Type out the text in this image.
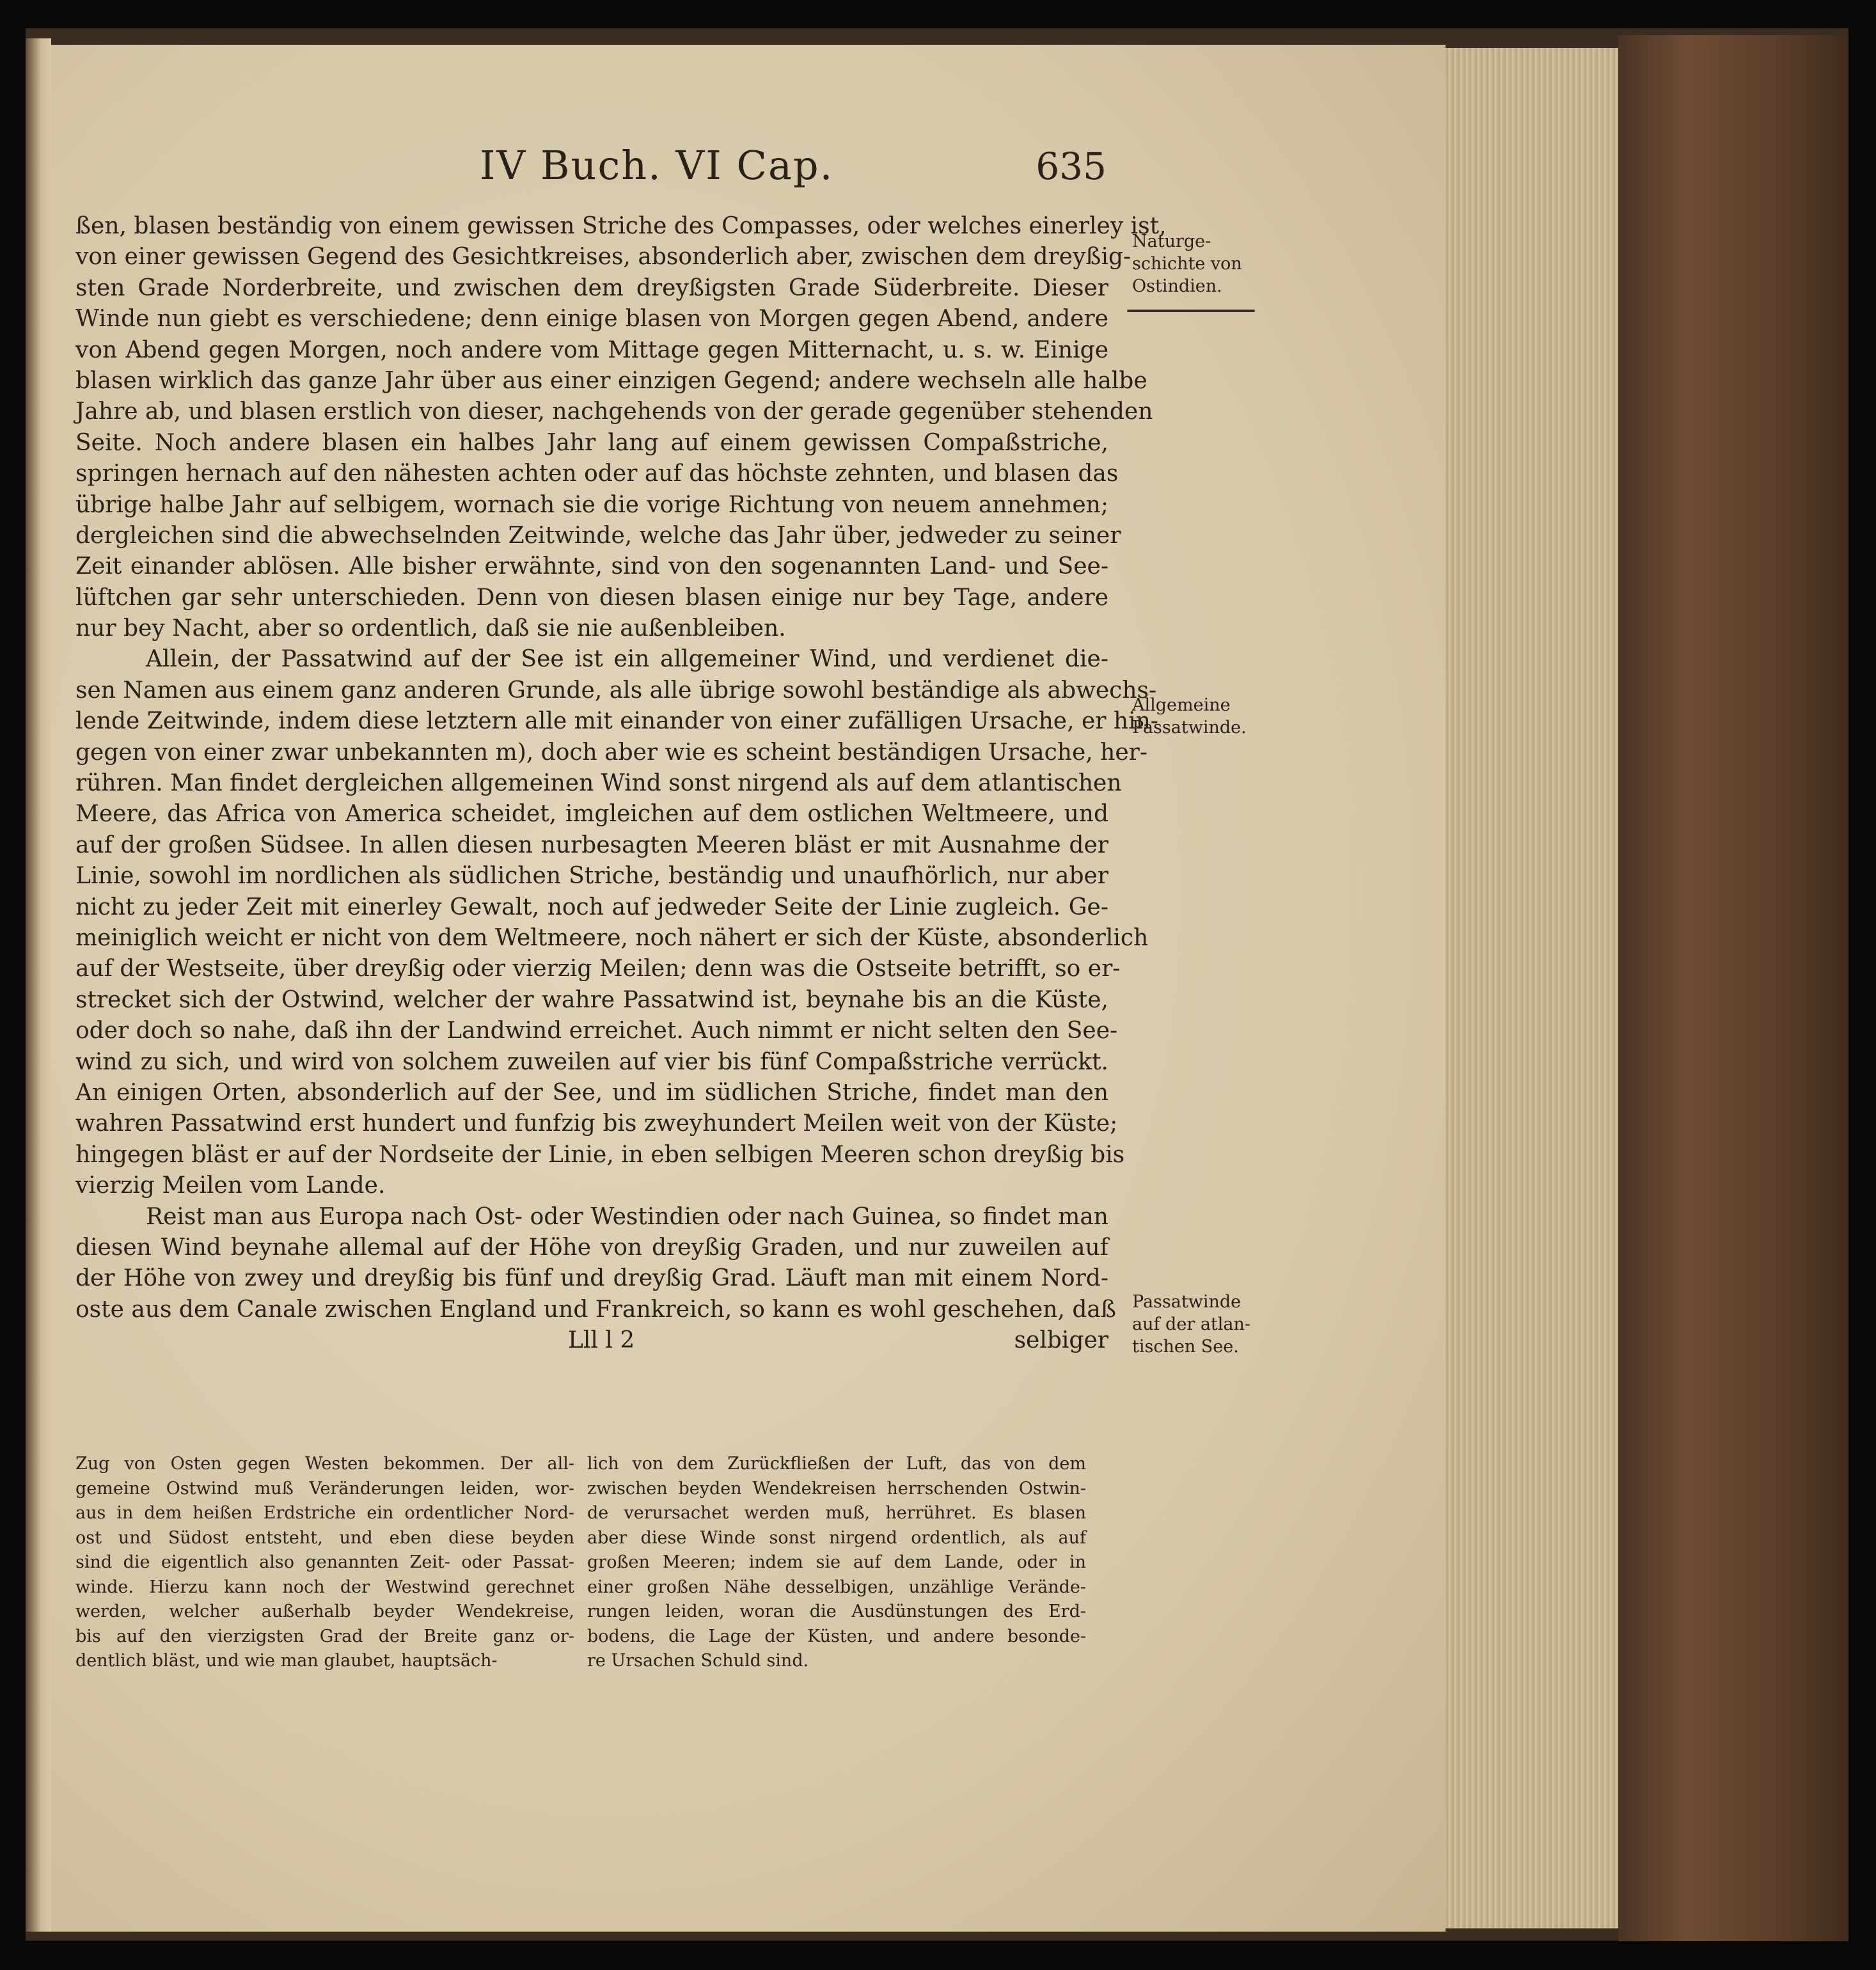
IV Buch. VI Cap.	635
ßen, blasen beständig von einem gewissen Striche des Compasses, oder welches einerley ist,
von einer gewissen Gegend des Gesichtkreises, absonderlich aber, zwischen dem dreyßig-
sten Grade Norderbreite, und zwischen dem dreyßigsten Grade Süderbreite. Dieser
Winde nun giebt es verschiedene; denn einige blasen von Morgen gegen Abend, andere
von Abend gegen Morgen, noch andere vom Mittage gegen Mitternacht, u. s. w. Einige
blasen wirklich das ganze Jahr über aus einer einzigen Gegend; andere wechseln alle halbe
Jahre ab, und blasen erstlich von dieser, nachgehends von der gerade gegenüber stehenden
Seite. Noch andere blasen ein halbes Jahr lang auf einem gewissen Compaßstriche,
springen hernach auf den nähesten achten oder auf das höchste zehnten, und blasen das
übrige halbe Jahr auf selbigem, wornach sie die vorige Richtung von neuem annehmen;
dergleichen sind die abwechselnden Zeitwinde, welche das Jahr über, jedweder zu seiner
Zeit einander ablösen. Alle bisher erwähnte, sind von den sogenannten Land- und See-
lüftchen gar sehr unterschieden. Denn von diesen blasen einige nur bey Tage, andere
nur bey Nacht, aber so ordentlich, daß sie nie außenbleiben.
Allein, der Passatwind auf der See ist ein allgemeiner Wind, und verdienet die-
sen Namen aus einem ganz anderen Grunde, als alle übrige sowohl beständige als abwechs-
lende Zeitwinde, indem diese letztern alle mit einander von einer zufälligen Ursache, er hin-
gegen von einer zwar unbekannten m), doch aber wie es scheint beständigen Ursache, her-
rühren. Man findet dergleichen allgemeinen Wind sonst nirgend als auf dem atlantischen
Meere, das Africa von America scheidet, imgleichen auf dem ostlichen Weltmeere, und
auf der großen Südsee. In allen diesen nurbesagten Meeren bläst er mit Ausnahme der
Linie, sowohl im nordlichen als südlichen Striche, beständig und unaufhörlich, nur aber
nicht zu jeder Zeit mit einerley Gewalt, noch auf jedweder Seite der Linie zugleich. Ge-
meiniglich weicht er nicht von dem Weltmeere, noch nähert er sich der Küste, absonderlich
auf der Westseite, über dreyßig oder vierzig Meilen; denn was die Ostseite betrifft, so er-
strecket sich der Ostwind, welcher der wahre Passatwind ist, beynahe bis an die Küste,
oder doch so nahe, daß ihn der Landwind erreichet. Auch nimmt er nicht selten den See-
wind zu sich, und wird von solchem zuweilen auf vier bis fünf Compaßstriche verrückt.
An einigen Orten, absonderlich auf der See, und im südlichen Striche, findet man den
wahren Passatwind erst hundert und funfzig bis zweyhundert Meilen weit von der Küste;
hingegen bläst er auf der Nordseite der Linie, in eben selbigen Meeren schon dreyßig bis
vierzig Meilen vom Lande.
Reist man aus Europa nach Ost- oder Westindien oder nach Guinea, so findet man
diesen Wind beynahe allemal auf der Höhe von dreyßig Graden, und nur zuweilen auf
der Höhe von zwey und dreyßig bis fünf und dreyßig Grad. Läuft man mit einem Nord-
oste aus dem Canale zwischen England und Frankreich, so kann es wohl geschehen, daß
Lll l 2	selbiger

Naturge-
schichte von
Ostindien.

Allgemeine
Passatwinde.

Passatwinde
auf der atlan-
tischen See.

Zug von Osten gegen Westen bekommen. Der all-
gemeine Ostwind muß Veränderungen leiden, wor-
aus in dem heißen Erdstriche ein ordentlicher Nord-
ost und Südost entsteht, und eben diese beyden
sind die eigentlich also genannten Zeit- oder Passat-
winde. Hierzu kann noch der Westwind gerechnet
werden, welcher außerhalb beyder Wendekreise,
bis auf den vierzigsten Grad der Breite ganz or-
dentlich bläst, und wie man glaubet, hauptsäch-
lich von dem Zurückfließen der Luft, das von dem
zwischen beyden Wendekreisen herrschenden Ostwin-
de verursachet werden muß, herrühret. Es blasen
aber diese Winde sonst nirgend ordentlich, als auf
großen Meeren; indem sie auf dem Lande, oder in
einer großen Nähe desselbigen, unzählige Verände-
rungen leiden, woran die Ausdünstungen des Erd-
bodens, die Lage der Küsten, und andere besonde-
re Ursachen Schuld sind.
